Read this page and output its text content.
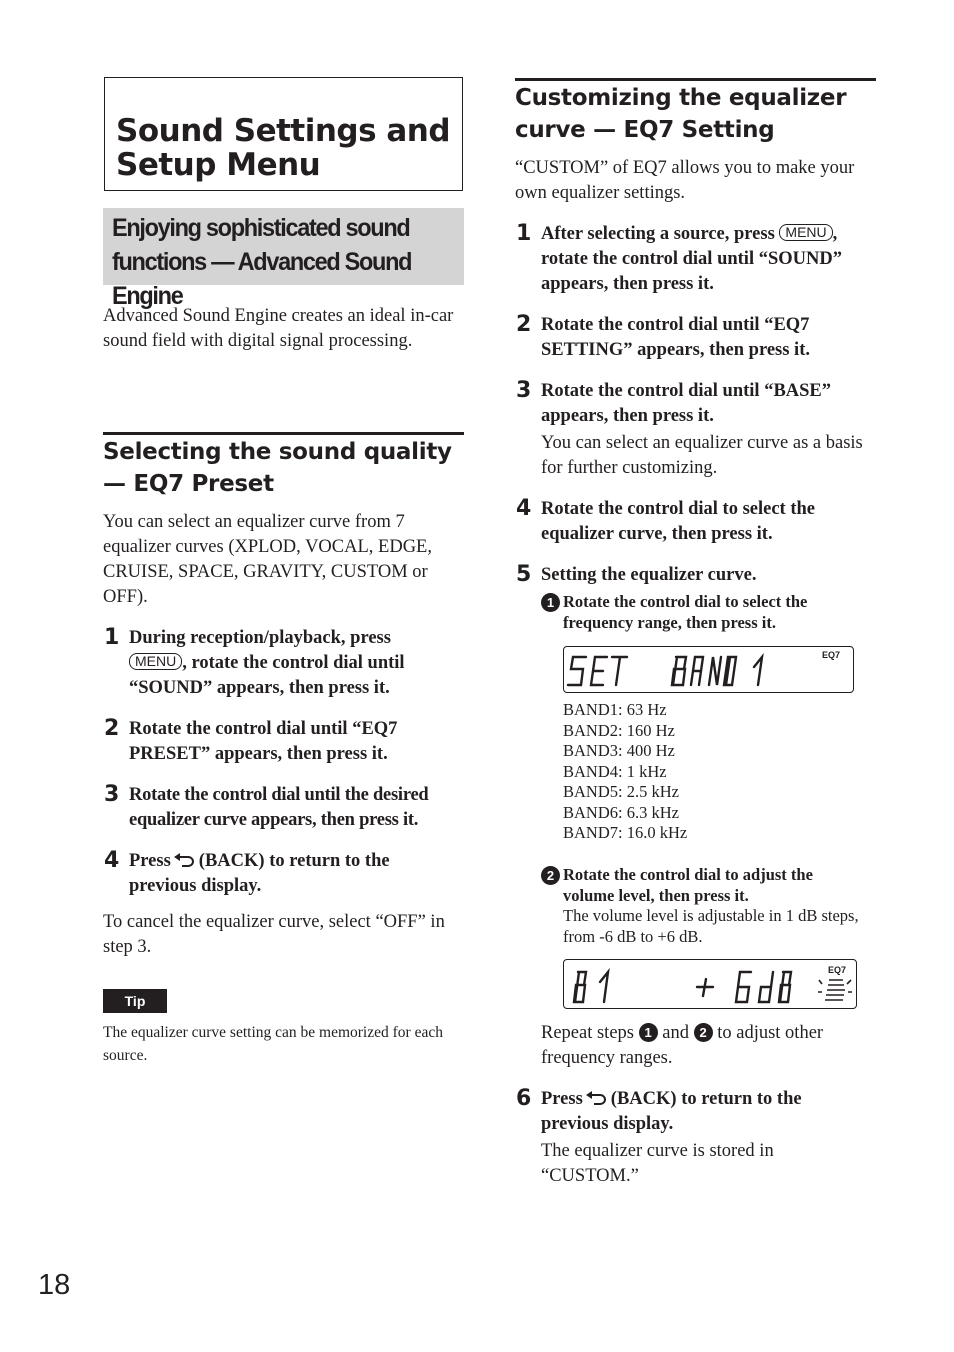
Sound Settings and Setup Menu
Enjoying sophisticated sound functions — Advanced Sound Engine
Advanced Sound Engine creates an ideal in-car sound field with digital signal processing.
Selecting the sound quality — EQ7 Preset
You can select an equalizer curve from 7 equalizer curves (XPLOD, VOCAL, EDGE, CRUISE, SPACE, GRAVITY, CUSTOM or OFF).
1 During reception/playback, press
MENU , rotate the control dial until “SOUND” appears, then press it.
2 Rotate the control dial until “EQ7 PRESET” appears, then press it.
3 Rotate the control dial until the desired equalizer curve appears, then press it.
4 Press (BACK) to return to the previous display.
To cancel the equalizer curve, select “OFF” in step 3.
Tip
The equalizer curve setting can be memorized for each source.
Customizing the equalizer curve — EQ7 Setting
“CUSTOM” of EQ7 allows you to make your own equalizer settings.
1 After selecting a source, press MENU , rotate the control dial until “SOUND” appears, then press it.
2 Rotate the control dial until “EQ7 SETTING” appears, then press it.
3 Rotate the control dial until “BASE” appears, then press it.
You can select an equalizer curve as a basis for further customizing.
4 Rotate the control dial to select the equalizer curve, then press it.
5 Setting the equalizer curve.
1 Rotate the control dial to select the frequency range, then press it.
EQ7
BAND1: 63 Hz
BAND2: 160 Hz
BAND3: 400 Hz
BAND4: 1 kHz
BAND5: 2.5 kHz
BAND6: 6.3 kHz
BAND7: 16.0 kHz
2 Rotate the control dial to adjust the volume level, then press it.
The volume level is adjustable in 1 dB steps, from -6 dB to +6 dB.
EQ7
Repeat steps 1 and 2 to adjust other frequency ranges.
6 Press (BACK) to return to the previous display.
The equalizer curve is stored in “CUSTOM.”
18
